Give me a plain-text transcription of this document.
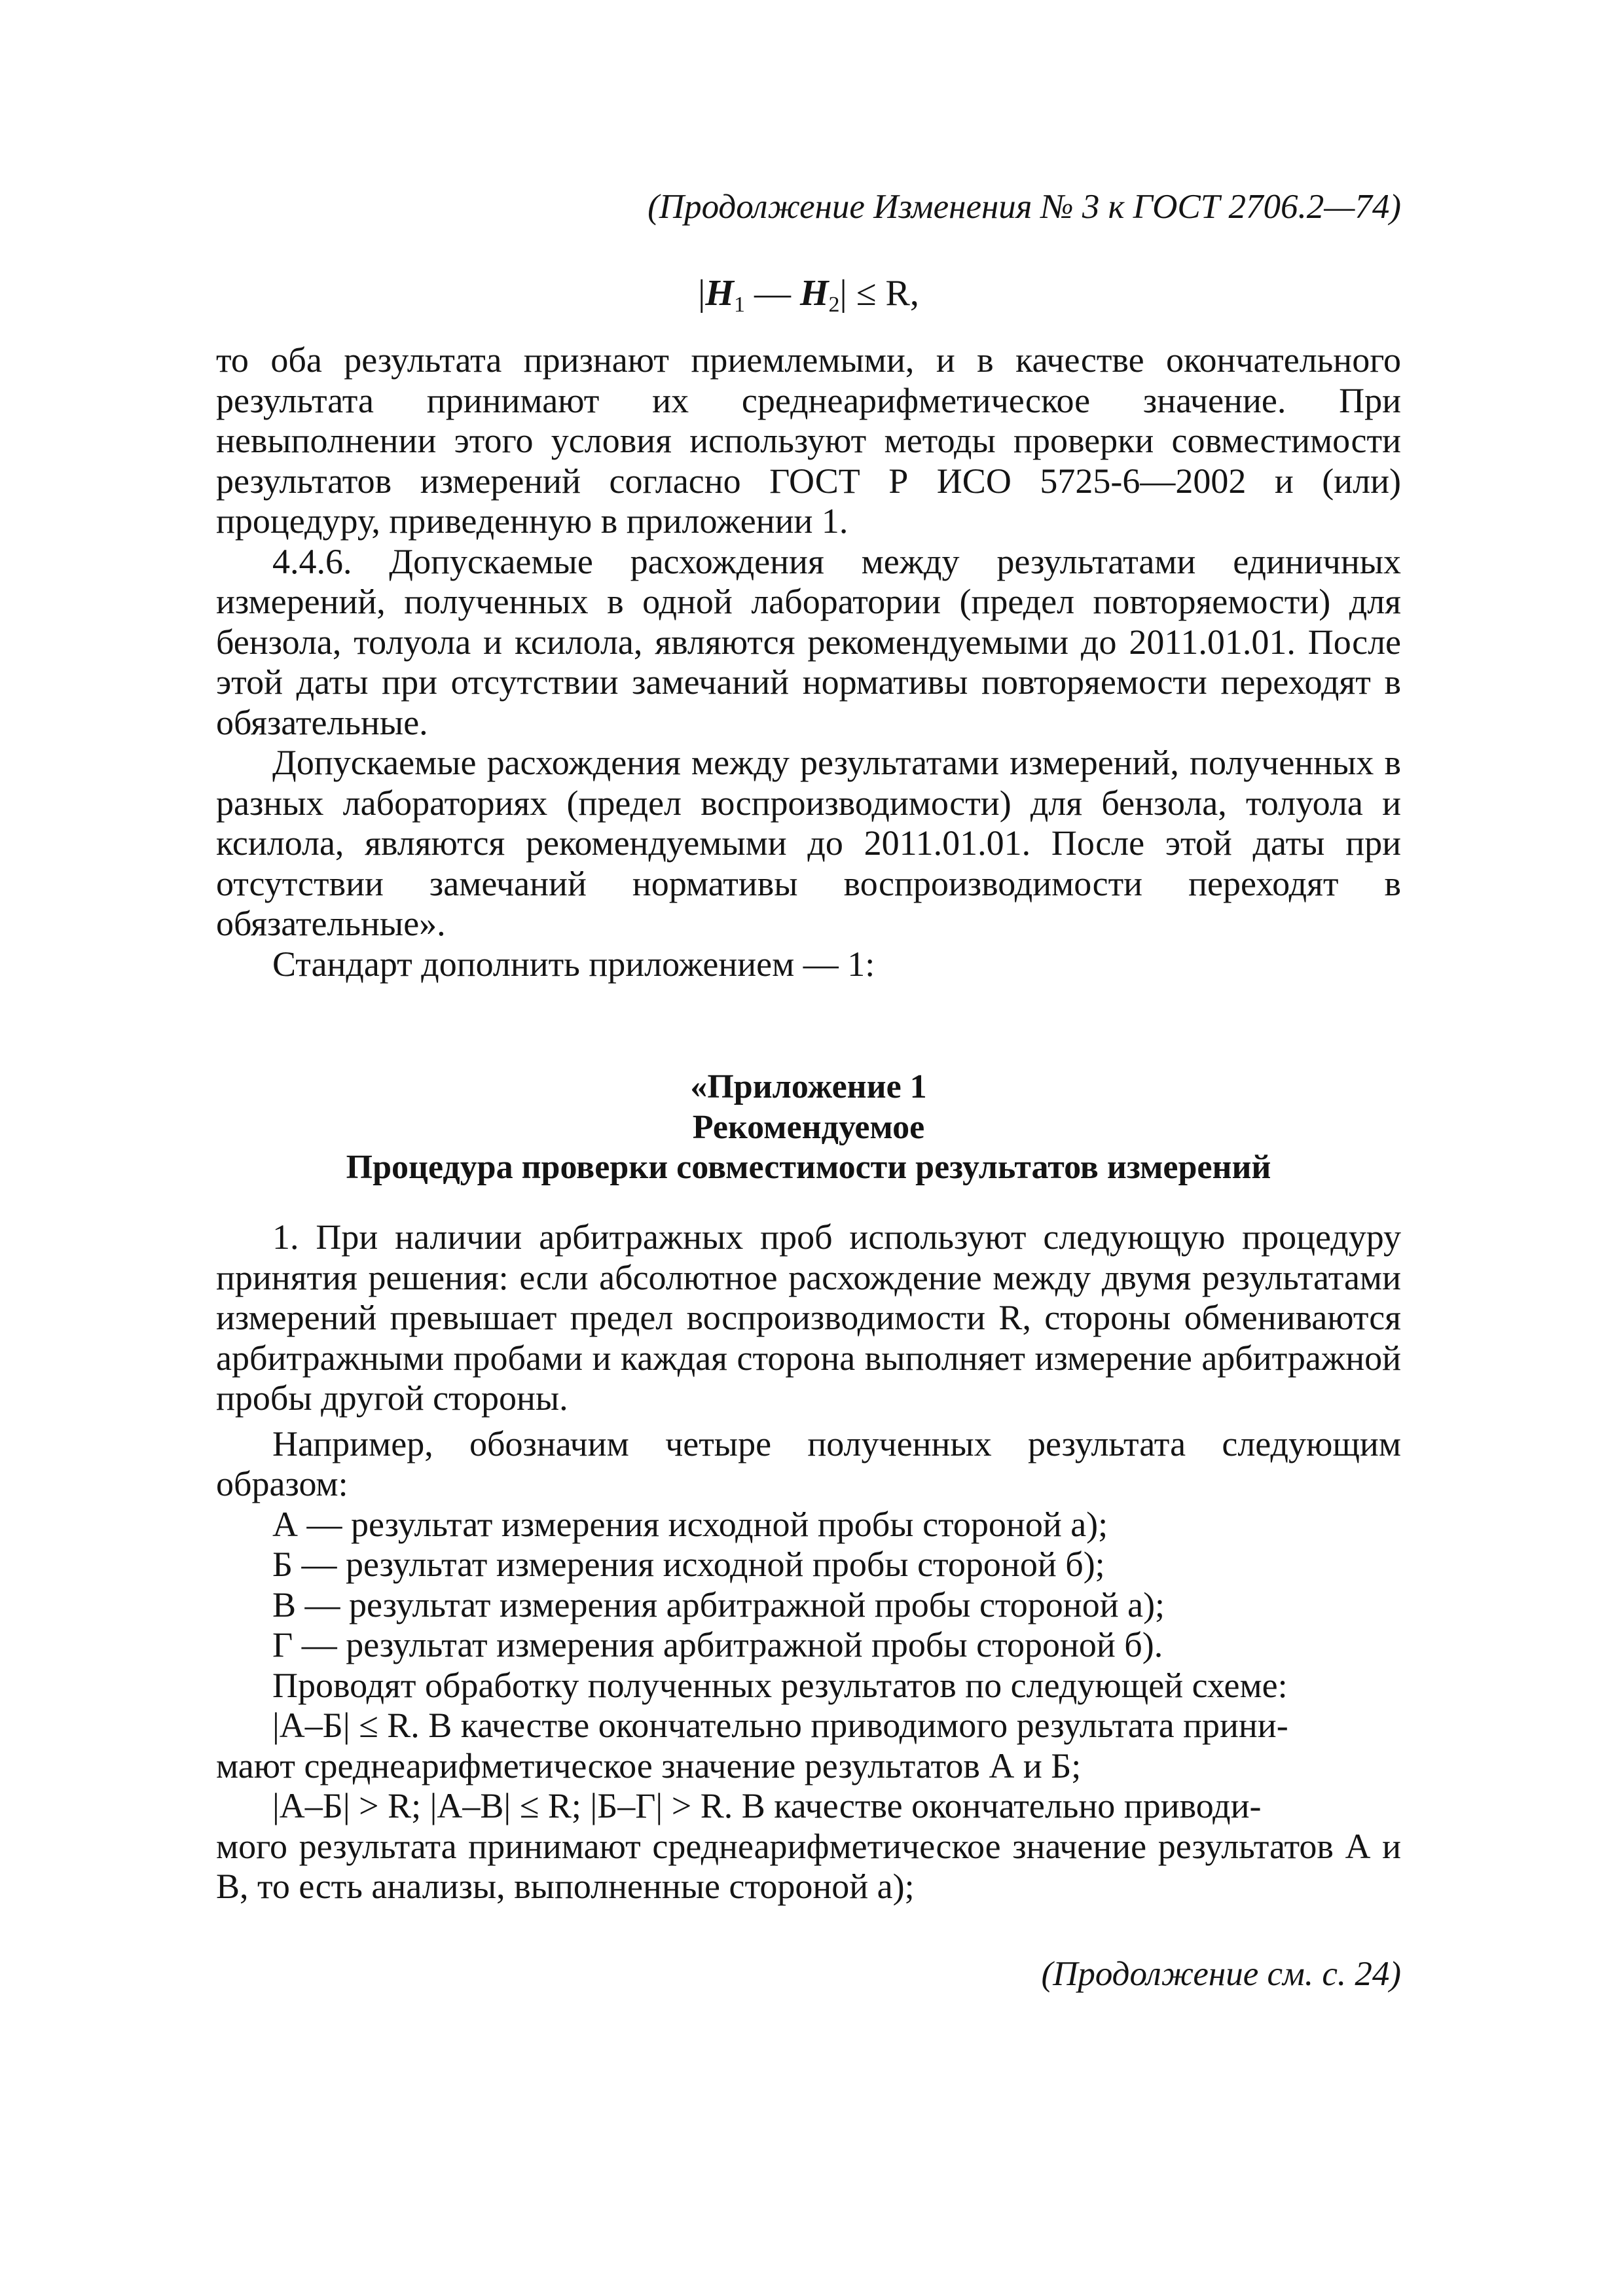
(Продолжение Изменения № 3 к ГОСТ 2706.2—74)
$|H_1$ — $H_2| \le R$,

то оба результата признают приемлемыми, и в качестве окончательного результата принимают их среднеарифметическое значение. При невыполнении этого условия используют методы проверки совместимости результатов измерений согласно ГОСТ Р ИСО 5725-6—2002 и (или) процедуру, приведенную в приложении 1.

4.4.6. Допускаемые расхождения между результатами единичных измерений, полученных в одной лаборатории (предел повторяемости) для бензола, толуола и ксилола, являются рекомендуемыми до 2011.01.01. После этой даты при отсутствии замечаний нормативы повторяемости переходят в обязательные.

Допускаемые расхождения между результатами измерений, полученных в разных лабораториях (предел воспроизводимости) для бензола, толуола и ксилола, являются рекомендуемыми до 2011.01.01. После этой даты при отсутствии замечаний нормативы воспроизводимости переходят в обязательные».

Стандарт дополнить приложением — 1:

«Приложение 1
Рекомендуемое
Процедура проверки совместимости результатов измерений

1. При наличии арбитражных проб используют следующую процедуру принятия решения: если абсолютное расхождение между двумя результатами измерений превышает предел воспроизводимости R, стороны обмениваются арбитражными пробами и каждая сторона выполняет измерение арбитражной пробы другой стороны.

Например, обозначим четыре полученных результата следующим образом:

А — результат измерения исходной пробы стороной а);
Б — результат измерения исходной пробы стороной б);
В — результат измерения арбитражной пробы стороной а);
Г — результат измерения арбитражной пробы стороной б).
Проводят обработку полученных результатов по следующей схеме:
|А–Б| ≤ R. В качестве окончательно приводимого результата прини-
мают среднеарифметическое значение результатов А и Б;
|А–Б| > R; |А–В| ≤ R; |Б–Г| > R. В качестве окончательно приводи-
мого результата принимают среднеарифметическое значение результатов А и В, то есть анализы, выполненные стороной а);
(Продолжение см. с. 24)
